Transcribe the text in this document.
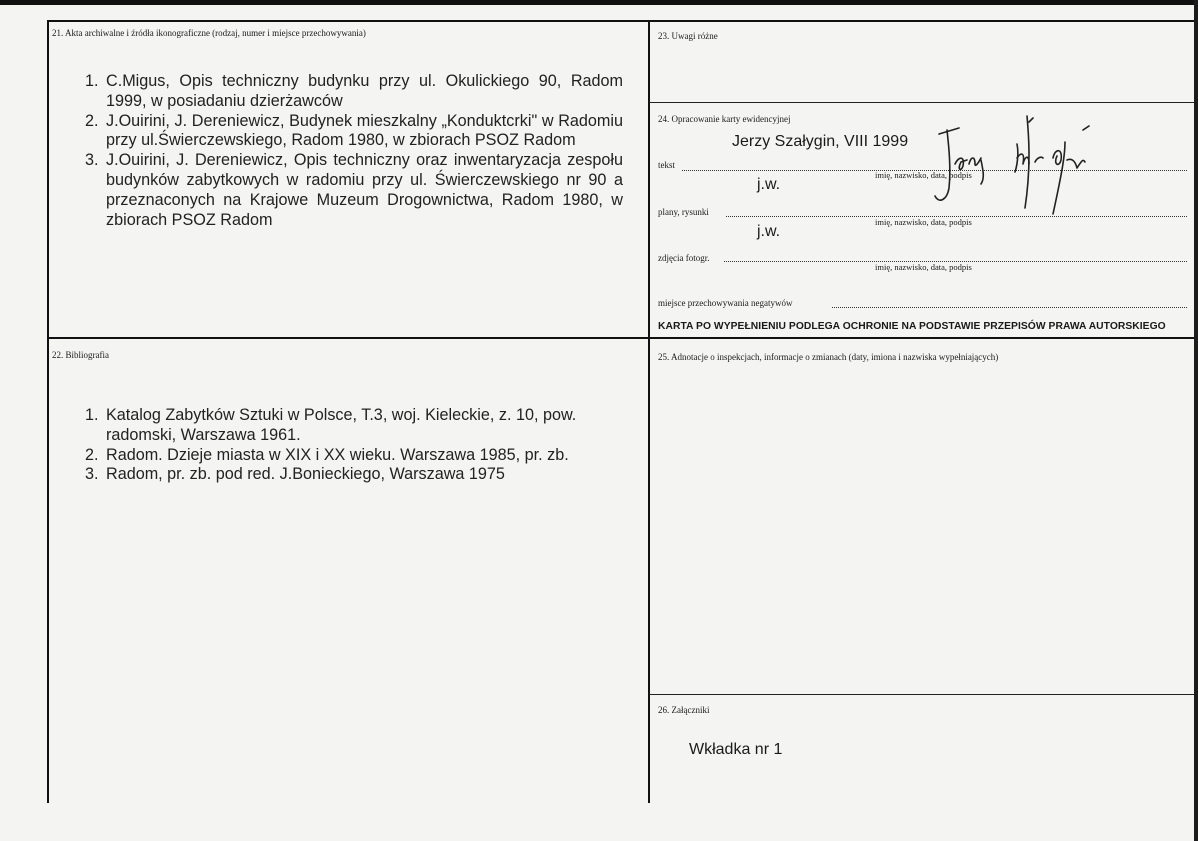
21. Akta archiwalne i źródła ikonograficzne (rodzaj, numer i miejsce przechowywania)
1. C.Migus, Opis techniczny budynku przy ul. Okulickiego 90, Radom 1999, w posiadaniu dzierżawców
2. J.Ouirini, J. Dereniewicz, Budynek mieszkalny „Konduktcrki" w Radomiu przy ul.Świerczewskiego, Radom 1980, w zbiorach PSOZ Radom
3. J.Ouirini, J. Dereniewicz, Opis techniczny oraz inwentaryzacja zespołu budynków zabytkowych w radomiu przy ul. Świerczewskiego nr 90 a przeznaconych na Krajowe Muzeum Drogownictwa, Radom 1980, w zbiorach PSOZ Radom
22. Bibliografia
1. Katalog Zabytków Sztuki w Polsce, T.3, woj. Kieleckie, z. 10, pow. radomski, Warszawa 1961.
2. Radom. Dzieje miasta w XIX i XX wieku. Warszawa 1985, pr. zb.
3. Radom, pr. zb. pod red. J.Bonieckiego, Warszawa 1975
23. Uwagi różne
24. Opracowanie karty ewidencyjnej
Jerzy Szałygin, VIII 1999
tekst
imię, nazwisko, data, podpis
j.w.
plany, rysunki
imię, nazwisko, data, podpis
j.w.
zdjęcia fotogr.
imię, nazwisko, data, podpis
miejsce przechowywania negatywów
KARTA PO WYPEŁNIENIU PODLEGA OCHRONIE NA PODSTAWIE PRZEPISÓW PRAWA AUTORSKIEGO
25. Adnotacje o inspekcjach, informacje o zmianach (daty, imiona i nazwiska wypełniających)
26. Załączniki
Wkładka nr 1
